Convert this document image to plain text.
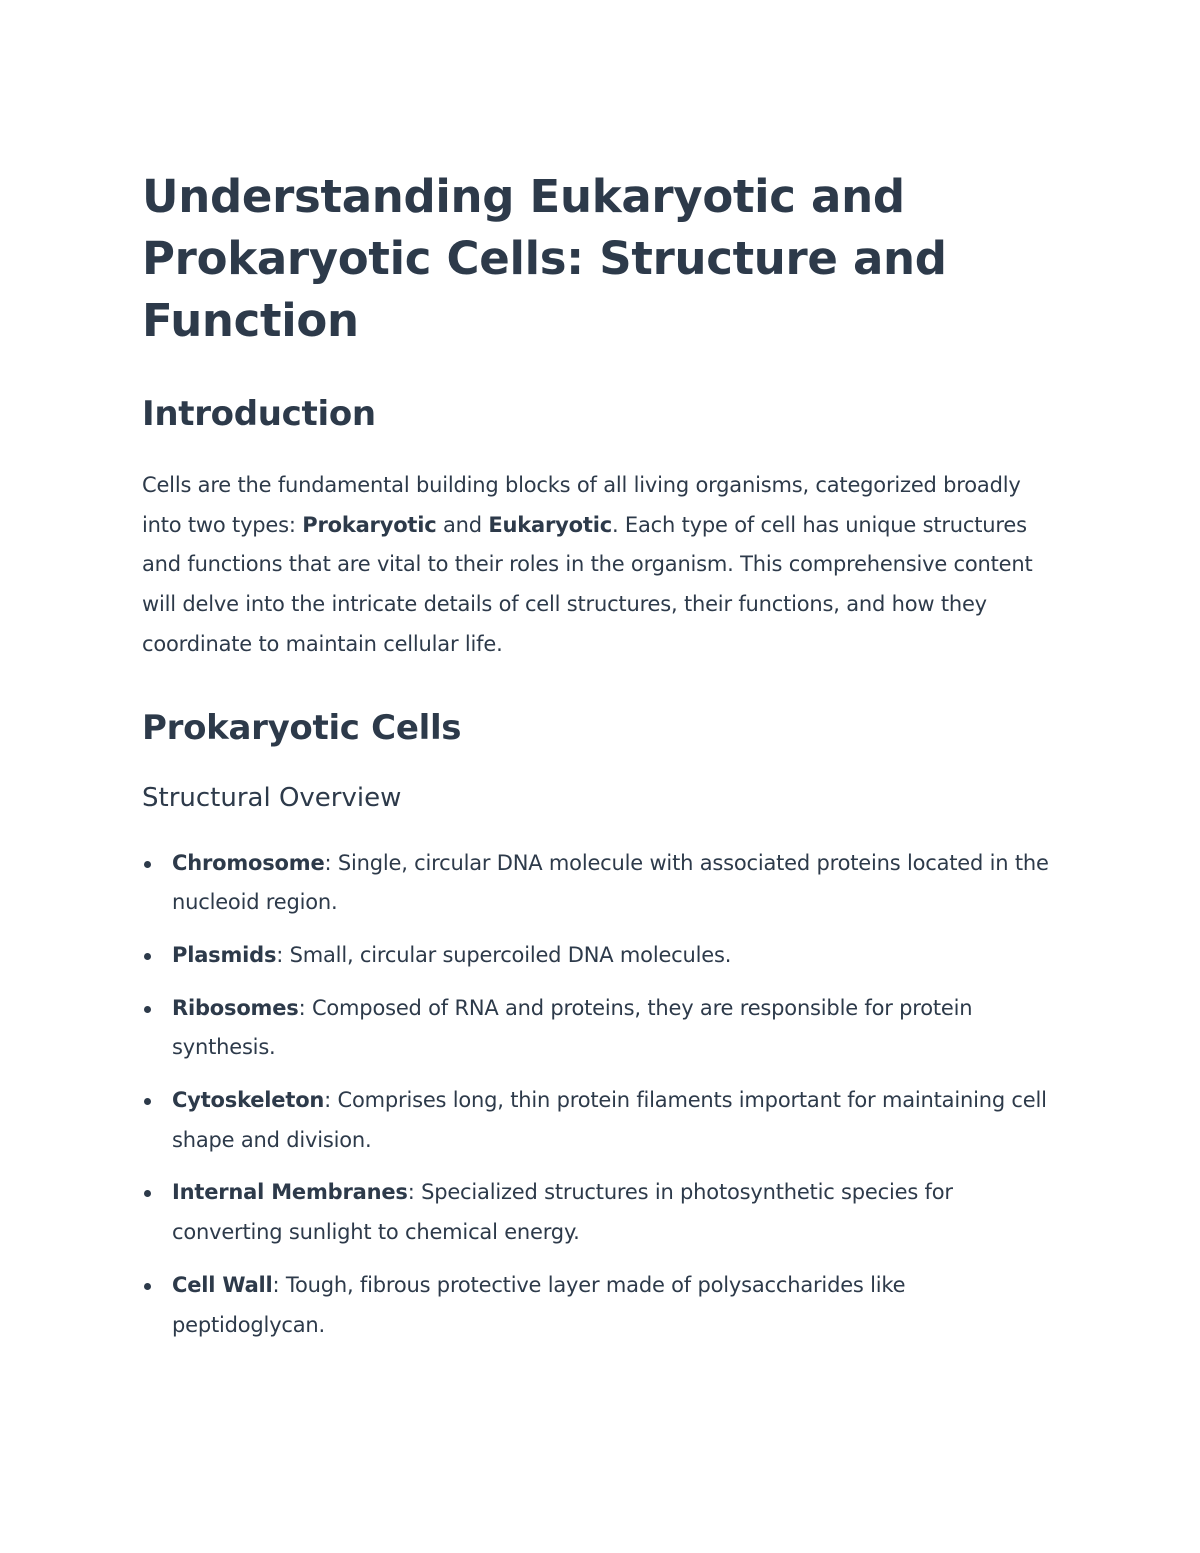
Understanding Eukaryotic and Prokaryotic Cells: Structure and Function
Introduction

Cells are the fundamental building blocks of all living organisms, categorized broadly into two types: Prokaryotic and Eukaryotic. Each type of cell has unique structures and functions that are vital to their roles in the organism. This comprehensive content will delve into the intricate details of cell structures, their functions, and how they coordinate to maintain cellular life.

Prokaryotic Cells
Structural Overview
Chromosome: Single, circular DNA molecule with associated proteins located in the nucleoid region.
Plasmids: Small, circular supercoiled DNA molecules.
Ribosomes: Composed of RNA and proteins, they are responsible for protein synthesis.
Cytoskeleton: Comprises long, thin protein filaments important for maintaining cell shape and division.
Internal Membranes: Specialized structures in photosynthetic species for converting sunlight to chemical energy.
Cell Wall: Tough, fibrous protective layer made of polysaccharides like peptidoglycan.
